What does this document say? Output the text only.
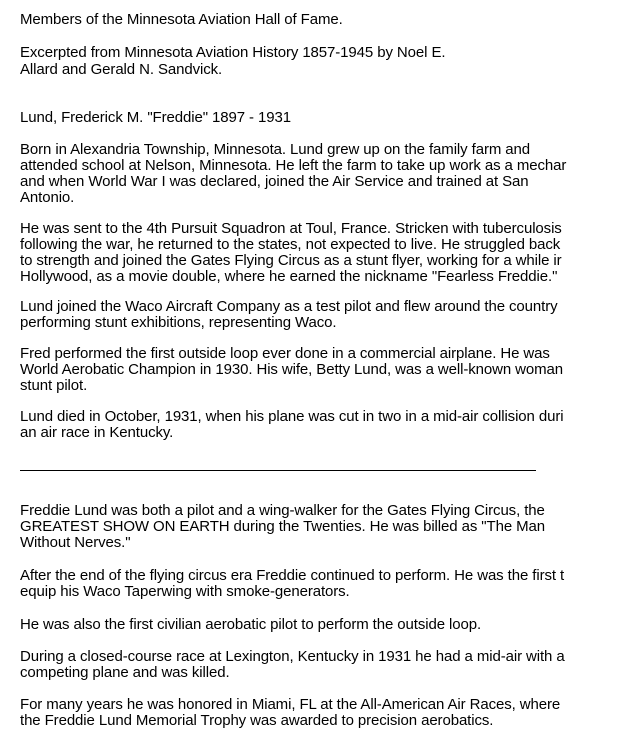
Members of the Minnesota Aviation Hall of Fame.
Excerpted from Minnesota Aviation History 1857-1945 by Noel E.
Allard and Gerald N. Sandvick.
Lund, Frederick M. "Freddie" 1897 - 1931
Born in Alexandria Township, Minnesota. Lund grew up on the family farm and
attended school at Nelson, Minnesota. He left the farm to take up work as a mechar
and when World War I was declared, joined the Air Service and trained at San
Antonio.
He was sent to the 4th Pursuit Squadron at Toul, France. Stricken with tuberculosis
following the war, he returned to the states, not expected to live. He struggled back
to strength and joined the Gates Flying Circus as a stunt flyer, working for a while ir
Hollywood, as a movie double, where he earned the nickname "Fearless Freddie."
Lund joined the Waco Aircraft Company as a test pilot and flew around the country
performing stunt exhibitions, representing Waco.
Fred performed the first outside loop ever done in a commercial airplane. He was
World Aerobatic Champion in 1930. His wife, Betty Lund, was a well-known woman
stunt pilot.
Lund died in October, 1931, when his plane was cut in two in a mid-air collision duri
an air race in Kentucky.
Freddie Lund was both a pilot and a wing-walker for the Gates Flying Circus, the
GREATEST SHOW ON EARTH during the Twenties. He was billed as "The Man
Without Nerves."
After the end of the flying circus era Freddie continued to perform. He was the first t
equip his Waco Taperwing with smoke-generators.
He was also the first civilian aerobatic pilot to perform the outside loop.
During a closed-course race at Lexington, Kentucky in 1931 he had a mid-air with a
competing plane and was killed.
For many years he was honored in Miami, FL at the All-American Air Races, where
the Freddie Lund Memorial Trophy was awarded to precision aerobatics.
